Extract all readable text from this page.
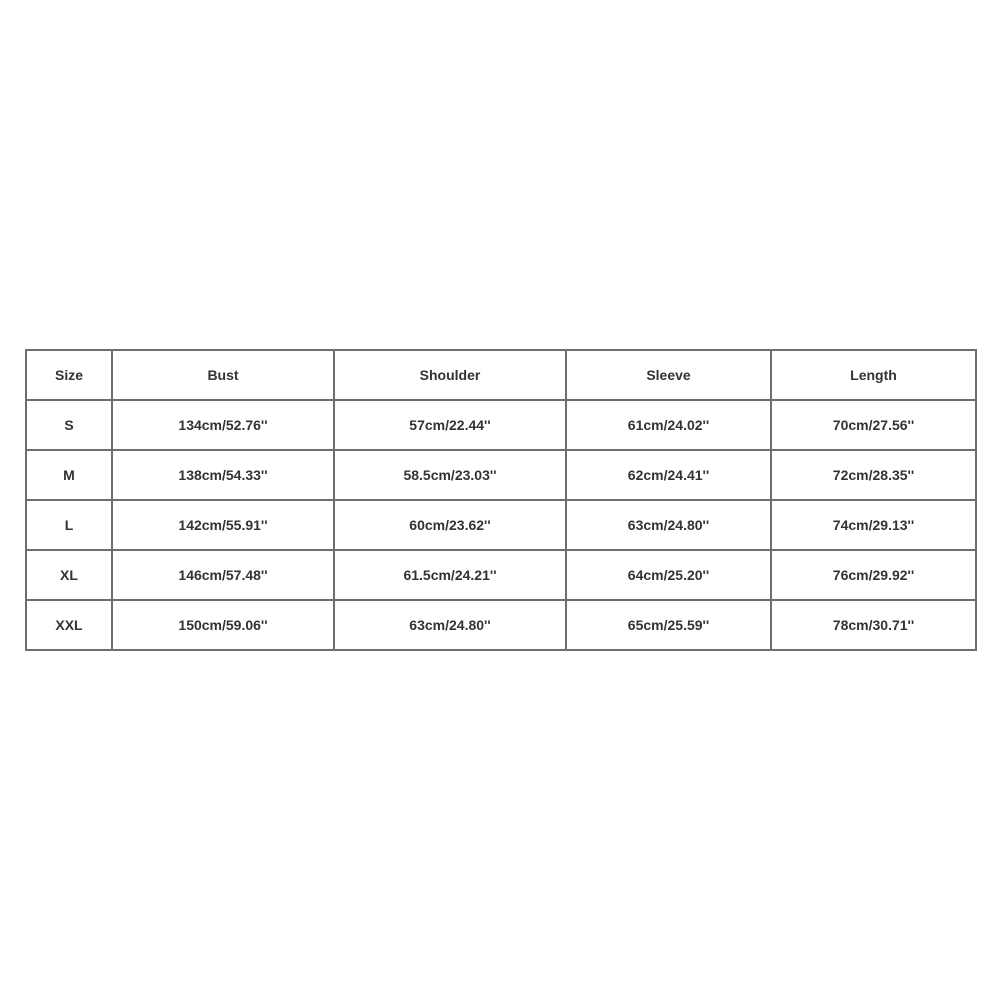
Size	Bust	Shoulder	Sleeve	Length
S	134cm/52.76''	57cm/22.44''	61cm/24.02''	70cm/27.56''
M	138cm/54.33''	58.5cm/23.03''	62cm/24.41''	72cm/28.35''
L	142cm/55.91''	60cm/23.62''	63cm/24.80''	74cm/29.13''
XL	146cm/57.48''	61.5cm/24.21''	64cm/25.20''	76cm/29.92''
XXL	150cm/59.06''	63cm/24.80''	65cm/25.59''	78cm/30.71''
